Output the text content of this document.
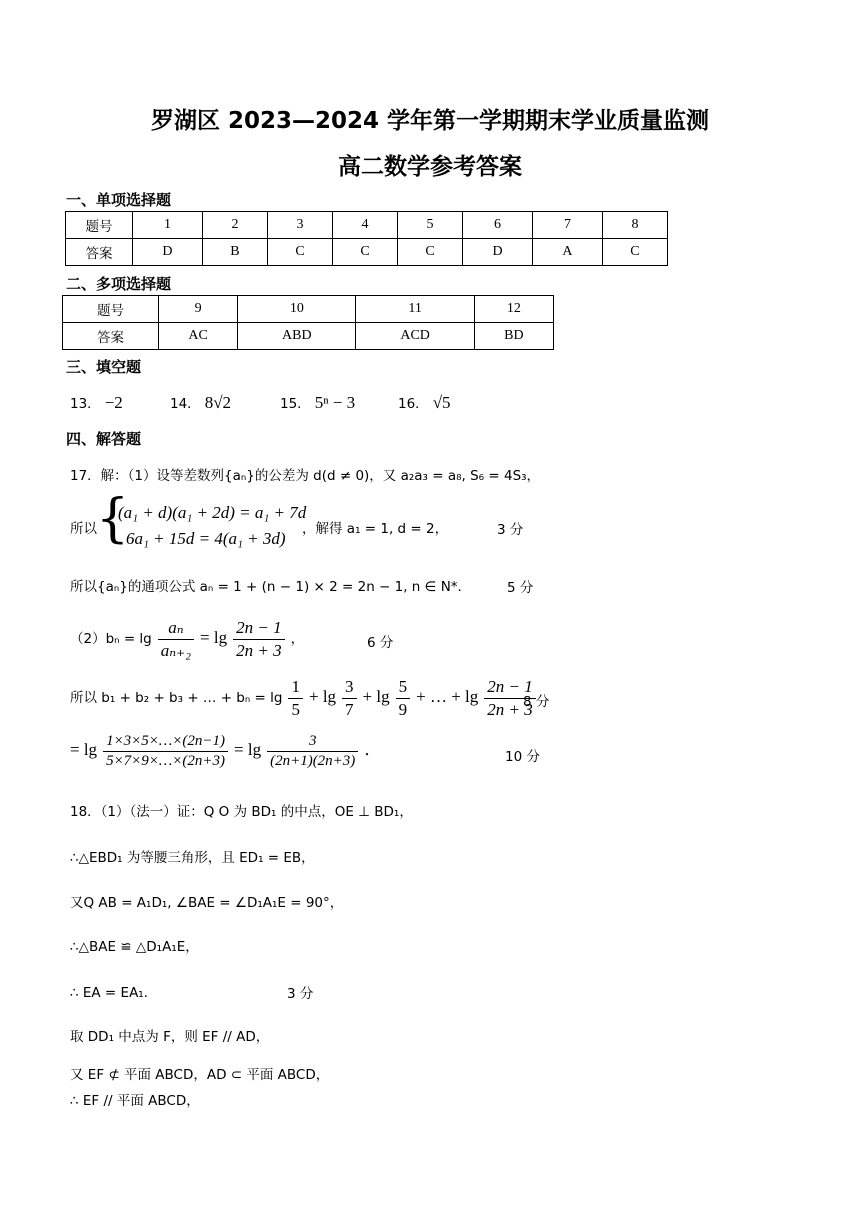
罗湖区 2023—2024 学年第一学期期末学业质量监测
高二数学参考答案
一、单项选择题
题号	1	2	3	4	5	6	7	8
答案	D	B	C	C	C	D	A	C
二、多项选择题
题号	9	10	11	12
答案	AC	ABD	ACD	BD
三、填空题
13． −2	14． 8√2	15． 5ⁿ − 3	16． √5
四、解答题
17．解：（1）设等差数列{aₙ}的公差为 d(d ≠ 0)，又 a₂a₃ = a₈, S₆ = 4S₃，
所以 {
(a₁ + d)(a₁ + 2d) = a₁ + 7d
6a₁ + 15d = 4(a₁ + 3d) ，解得 a₁ = 1, d = 2，	3 分
所以{aₙ}的通项公式 aₙ = 1 + (n − 1) × 2 = 2n − 1, n ∈ N*．	5 分
$(2)b_n = \lg \frac{\text{aₙ}}{\text{aₙ₊₂}} = \lg \frac{2n - 1}{2n + 3}$ ，	6 分
所以 b₁ + b₂ + b₃ + … + $b_n = \lg \frac{1}{5} + \lg \frac{3}{7} + \lg \frac{5}{9}$ + … + $\lg \frac{2n - 1}{2n + 3}$
8 分
= $\lg \frac{1\times 3\times 5\times\dots\times(2n-1)}{5\times 7\times 9\times\dots\times(2n+3)} = \lg \frac{3}{(2n+1)(2n+3)}$ ．	10 分
18．（1）（法一）证：Q O 为 BD₁ 的中点，OE ⊥ BD₁，
∴△EBD₁ 为等腰三角形，且 ED₁ = EB，
又Q AB = A₁D₁, ∠BAE = ∠D₁A₁E = 90°，
∴△BAE ≌ △D₁A₁E，
∴ EA = EA₁．	3 分
取 DD₁ 中点为 F，则 EF // AD，
又 EF ⊄ 平面 ABCD，AD ⊂ 平面 ABCD，
∴ EF // 平面 ABCD，
